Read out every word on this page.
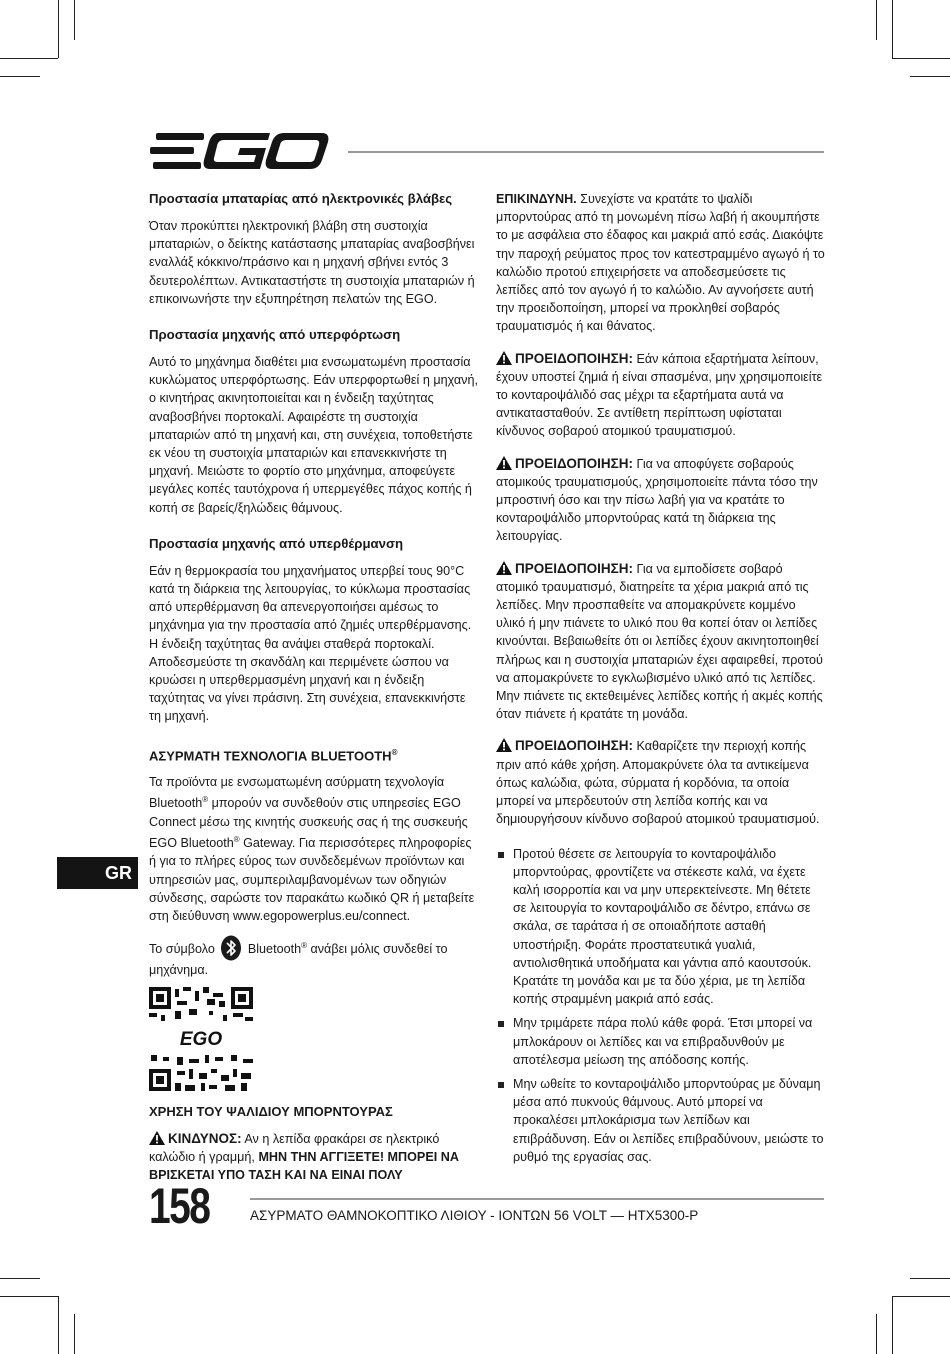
Προστασία μπαταρίας από ηλεκτρονικές βλάβες

Όταν προκύπτει ηλεκτρονική βλάβη στη συστοιχία μπαταριών, ο δείκτης κατάστασης μπαταρίας αναβοσβήνει εναλλάξ κόκκινο/πράσινο και η μηχανή σβήνει εντός 3 δευτερολέπτων. Αντικαταστήστε τη συστοιχία μπαταριών ή επικοινωνήστε την εξυπηρέτηση πελατών της EGO.

Προστασία μηχανής από υπερφόρτωση

Αυτό το μηχάνημα διαθέτει μια ενσωματωμένη προστασία κυκλώματος υπερφόρτωσης. Εάν υπερφορτωθεί η μηχανή, ο κινητήρας ακινητοποιείται και η ένδειξη ταχύτητας αναβοσβήνει πορτοκαλί. Αφαιρέστε τη συστοιχία μπαταριών από τη μηχανή και, στη συνέχεια, τοποθετήστε εκ νέου τη συστοιχία μπαταριών και επανεκκινήστε τη μηχανή. Μειώστε το φορτίο στο μηχάνημα, αποφεύγετε μεγάλες κοπές ταυτόχρονα ή υπερμεγέθες πάχος κοπής ή κοπή σε βαρείς/ξηλώδεις θάμνους.

Προστασία μηχανής από υπερθέρμανση

Εάν η θερμοκρασία του μηχανήματος υπερβεί τους 90°C κατά τη διάρκεια της λειτουργίας, το κύκλωμα προστασίας από υπερθέρμανση θα απενεργοποιήσει αμέσως το μηχάνημα για την προστασία από ζημιές υπερθέρμανσης. Η ένδειξη ταχύτητας θα ανάψει σταθερά πορτοκαλί. Αποδεσμεύστε τη σκανδάλη και περιμένετε ώσπου να κρυώσει η υπερθερμασμένη μηχανή και η ένδειξη ταχύτητας να γίνει πράσινη. Στη συνέχεια, επανεκκινήστε τη μηχανή.

ΑΣΥΡΜΑΤΗ ΤΕΧΝΟΛΟΓΙΑ BLUETOOTH®

Τα προϊόντα με ενσωματωμένη ασύρματη τεχνολογία Bluetooth® μπορούν να συνδεθούν στις υπηρεσίες EGO Connect μέσω της κινητής συσκευής σας ή της συσκευής EGO Bluetooth® Gateway. Για περισσότερες πληροφορίες ή για το πλήρες εύρος των συνδεδεμένων προϊόντων και υπηρεσιών μας, συμπεριλαμβανομένων των οδηγιών σύνδεσης, σαρώστε τον παρακάτω κωδικό QR ή μεταβείτε στη διεύθυνση www.egopowerplus.eu/connect.

Το σύμβολο	Bluetooth® ανάβει μόλις συνδεθεί το μηχάνημα.

EGO
ΧΡΗΣΗ ΤΟΥ ΨΑΛΙΔΙΟΥ ΜΠΟΡΝΤΟΥΡΑΣ

ΚΙΝΔΥΝΟΣ: Αν η λεπίδα φρακάρει σε ηλεκτρικό καλώδιο ή γραμμή, ΜΗΝ ΤΗΝ ΑΓΓΙΞΕΤΕ! ΜΠΟΡΕΙ ΝΑ ΒΡΙΣΚΕΤΑΙ ΥΠΟ ΤΑΣΗ ΚΑΙ ΝΑ ΕΙΝΑΙ ΠΟΛΥ

GR

ΕΠΙΚΙΝΔΥΝΗ. Συνεχίστε να κρατάτε το ψαλίδι μπορντούρας από τη μονωμένη πίσω λαβή ή ακουμπήστε το με ασφάλεια στο έδαφος και μακριά από εσάς. Διακόψτε την παροχή ρεύματος προς τον κατεστραμμένο αγωγό ή το καλώδιο προτού επιχειρήσετε να αποδεσμεύσετε τις λεπίδες από τον αγωγό ή το καλώδιο. Αν αγνοήσετε αυτή την προειδοποίηση, μπορεί να προκληθεί σοβαρός τραυματισμός ή και θάνατος.

ΠΡΟΕΙΔΟΠΟΙΗΣΗ: Εάν κάποια εξαρτήματα λείπουν, έχουν υποστεί ζημιά ή είναι σπασμένα, μην χρησιμοποιείτε το κονταροψάλιδό σας μέχρι τα εξαρτήματα αυτά να αντικατασταθούν. Σε αντίθετη περίπτωση υφίσταται κίνδυνος σοβαρού ατομικού τραυματισμού.

ΠΡΟΕΙΔΟΠΟΙΗΣΗ: Για να αποφύγετε σοβαρούς ατομικούς τραυματισμούς, χρησιμοποιείτε πάντα τόσο την μπροστινή όσο και την πίσω λαβή για να κρατάτε το κονταροψάλιδο μπορντούρας κατά τη διάρκεια της λειτουργίας.

ΠΡΟΕΙΔΟΠΟΙΗΣΗ: Για να εμποδίσετε σοβαρό ατομικό τραυματισμό, διατηρείτε τα χέρια μακριά από τις λεπίδες. Μην προσπαθείτε να απομακρύνετε κομμένο υλικό ή μην πιάνετε το υλικό που θα κοπεί όταν οι λεπίδες κινούνται. Βεβαιωθείτε ότι οι λεπίδες έχουν ακινητοποιηθεί πλήρως και η συστοιχία μπαταριών έχει αφαιρεθεί, προτού να απομακρύνετε το εγκλωβισμένο υλικό από τις λεπίδες. Μην πιάνετε τις εκτεθειμένες λεπίδες κοπής ή ακμές κοπής όταν πιάνετε ή κρατάτε τη μονάδα.

ΠΡΟΕΙΔΟΠΟΙΗΣΗ: Καθαρίζετε την περιοχή κοπής πριν από κάθε χρήση. Απομακρύνετε όλα τα αντικείμενα όπως καλώδια, φώτα, σύρματα ή κορδόνια, τα οποία μπορεί να μπερδευτούν στη λεπίδα κοπής και να δημιουργήσουν κίνδυνο σοβαρού ατομικού τραυματισμού.

Προτού θέσετε σε λειτουργία το κονταροψάλιδο μπορντούρας, φροντίζετε να στέκεστε καλά, να έχετε καλή ισορροπία και να μην υπερεκτείνεστε. Μη θέτετε σε λειτουργία το κονταροψάλιδο σε δέντρο, επάνω σε σκάλα, σε ταράτσα ή σε οποιαδήποτε ασταθή υποστήριξη. Φοράτε προστατευτικά γυαλιά, αντιολισθητικά υποδήματα και γάντια από καουτσούκ. Κρατάτε τη μονάδα και με τα δύο χέρια, με τη λεπίδα κοπής στραμμένη μακριά από εσάς.
Μην τριμάρετε πάρα πολύ κάθε φορά. Έτσι μπορεί να μπλοκάρουν οι λεπίδες και να επιβραδυνθούν με αποτέλεσμα μείωση της απόδοσης κοπής.
Μην ωθείτε το κονταροψάλιδο μπορντούρας με δύναμη μέσα από πυκνούς θάμνους. Αυτό μπορεί να προκαλέσει μπλοκάρισμα των λεπίδων και επιβράδυνση. Εάν οι λεπίδες επιβραδύνουν, μειώστε το ρυθμό της εργασίας σας.
158	ΑΣΥΡΜΑΤΟ ΘΑΜΝΟΚΟΠΤΙΚΟ ΛΙΘΙΟΥ - ΙΟΝΤΩΝ 56 VOLT — HTX5300-P
